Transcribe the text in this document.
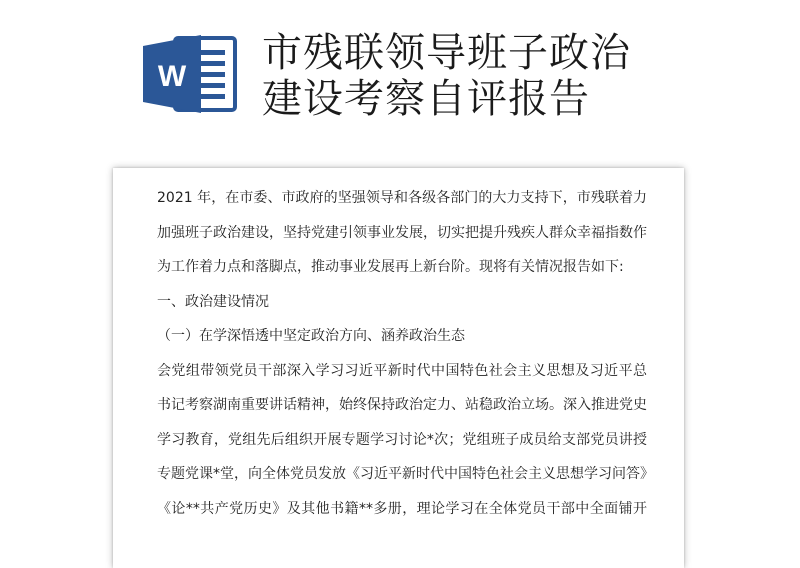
W
市残联领导班子政治
建设考察自评报告

2021 年，在市委、市政府的坚强领导和各级各部门的大力支持下，市残联着力

加强班子政治建设，坚持党建引领事业发展，切实把提升残疾人群众幸福指数作

为工作着力点和落脚点，推动事业发展再上新台阶。现将有关情况报告如下:

一、政治建设情况

（一）在学深悟透中坚定政治方向、涵养政治生态

会党组带领党员干部深入学习习近平新时代中国特色社会主义思想及习近平总

书记考察湖南重要讲话精神，始终保持政治定力、站稳政治立场。深入推进党史

学习教育，党组先后组织开展专题学习讨论*次；党组班子成员给支部党员讲授

专题党课*堂，向全体党员发放《习近平新时代中国特色社会主义思想学习问答》

《论**共产党历史》及其他书籍**多册，理论学习在全体党员干部中全面铺开
